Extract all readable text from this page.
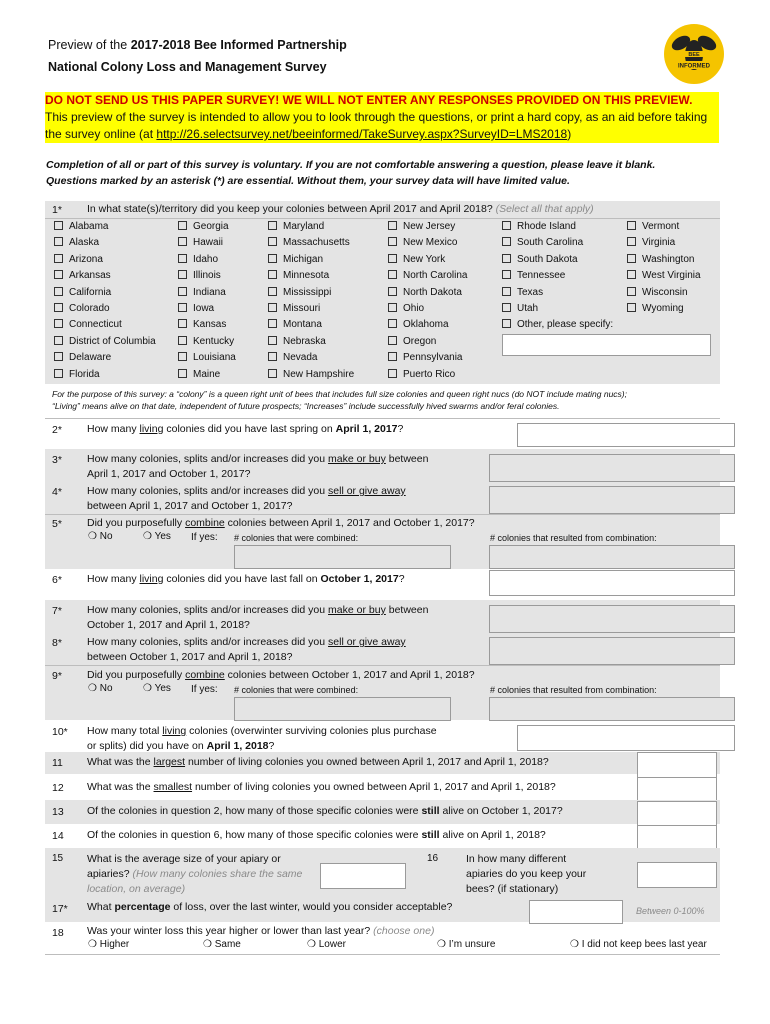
Preview of the 2017-2018 Bee Informed Partnership
National Colony Loss and Management Survey
BEE
INFORMED
DO NOT SEND US THIS PAPER SURVEY! WE WILL NOT ENTER ANY RESPONSES PROVIDED ON THIS PREVIEW.
This preview of the survey is intended to allow you to look through the questions, or print a hard copy, as an aid before taking the survey online (at http://26.selectsurvey.net/beeinformed/TakeSurvey.aspx?SurveyID=LMS2018)
Completion of all or part of this survey is voluntary. If you are not comfortable answering a question, please leave it blank.
Questions marked by an asterisk (*) are essential. Without them, your survey data will have limited value.
1* In what state(s)/territory did you keep your colonies between April 2017 and April 2018? (Select all that apply)
Alabama
Alaska
Arizona
Arkansas
California
Colorado
Connecticut
District of Columbia
Delaware
Florida
Georgia
Hawaii
Idaho
Illinois
Indiana
Iowa
Kansas
Kentucky
Louisiana
Maine
Maryland
Massachusetts
Michigan
Minnesota
Mississippi
Missouri
Montana
Nebraska
Nevada
New Hampshire
New Jersey
New Mexico
New York
North Carolina
North Dakota
Ohio
Oklahoma
Oregon
Pennsylvania
Puerto Rico
Rhode Island
South Carolina
South Dakota
Tennessee
Texas
Utah
Other, please specify:
Vermont
Virginia
Washington
West Virginia
Wisconsin
Wyoming
For the purpose of this survey: a “colony” is a queen right unit of bees that includes full size colonies and queen right nucs (do NOT include mating nucs);
“Living” means alive on that date, independent of future prospects; “Increases” include successfully hived swarms and/or feral colonies.
2* How many living colonies did you have last spring on April 1, 2017?
3* How many colonies, splits and/or increases did you make or buy between
April 1, 2017 and October 1, 2017?
4* How many colonies, splits and/or increases did you sell or give away
between April 1, 2017 and October 1, 2017?
5* Did you purposefully combine colonies between April 1, 2017 and October 1, 2017?
❍ No	❍ Yes If yes: # colonies that were combined:	# colonies that resulted from combination:
6* How many living colonies did you have last fall on October 1, 2017?
7* How many colonies, splits and/or increases did you make or buy between
October 1, 2017 and April 1, 2018?
8* How many colonies, splits and/or increases did you sell or give away
between October 1, 2017 and April 1, 2018?
9* Did you purposefully combine colonies between October 1, 2017 and April 1, 2018?
❍ No	❍ Yes If yes: # colonies that were combined:	# colonies that resulted from combination:
10* How many total living colonies (overwinter surviving colonies plus purchase
or splits) did you have on April 1, 2018?
11 What was the largest number of living colonies you owned between April 1, 2017 and April 1, 2018?
12 What was the smallest number of living colonies you owned between April 1, 2017 and April 1, 2018?
13 Of the colonies in question 2, how many of those specific colonies were still alive on October 1, 2017?
14 Of the colonies in question 6, how many of those specific colonies were still alive on April 1, 2018?
15 What is the average size of your apiary or
apiaries? (How many colonies share the same
location, on average)
16	In how many different
apiaries do you keep your
bees? (if stationary)
17* What percentage of loss, over the last winter, would you consider acceptable?	Between 0-100%
18 Was your winter loss this year higher or lower than last year? (choose one)
❍ Higher	❍ Same	❍ Lower	❍ I’m unsure	❍ I did not keep bees last year
